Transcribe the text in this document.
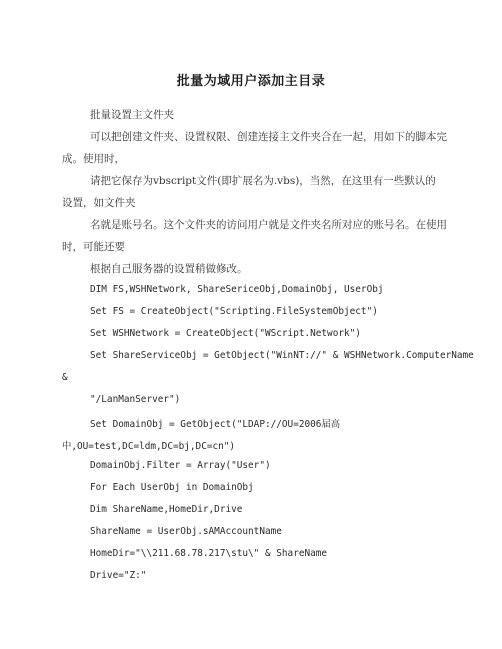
批量为域用户添加主目录
批量设置主文件夹
可以把创建文件夹、设置权限、创建连接主文件夹合在一起，用如下的脚本完
成。使用时，
请把它保存为vbscript文件(即扩展名为.vbs)，当然，在这里有一些默认的
设置，如文件夹
名就是账号名。这个文件夹的访问用户就是文件夹名所对应的账号名。在使用
时，可能还要
根据自己服务器的设置稍做修改。
DIM FS,WSHNetwork, ShareSericeObj,DomainObj, UserObj
Set FS = CreateObject("Scripting.FileSystemObject")
Set WSHNetwork = CreateObject("WScript.Network")
Set ShareServiceObj = GetObject("WinNT://" & WSHNetwork.ComputerName
&
"/LanManServer")
Set DomainObj = GetObject("LDAP://OU=2006届高
中,OU=test,DC=ldm,DC=bj,DC=cn")
DomainObj.Filter = Array("User")
For Each UserObj in DomainObj
Dim ShareName,HomeDir,Drive
ShareName = UserObj.sAMAccountName
HomeDir="\\211.68.78.217\stu\" & ShareName
Drive="Z:"
